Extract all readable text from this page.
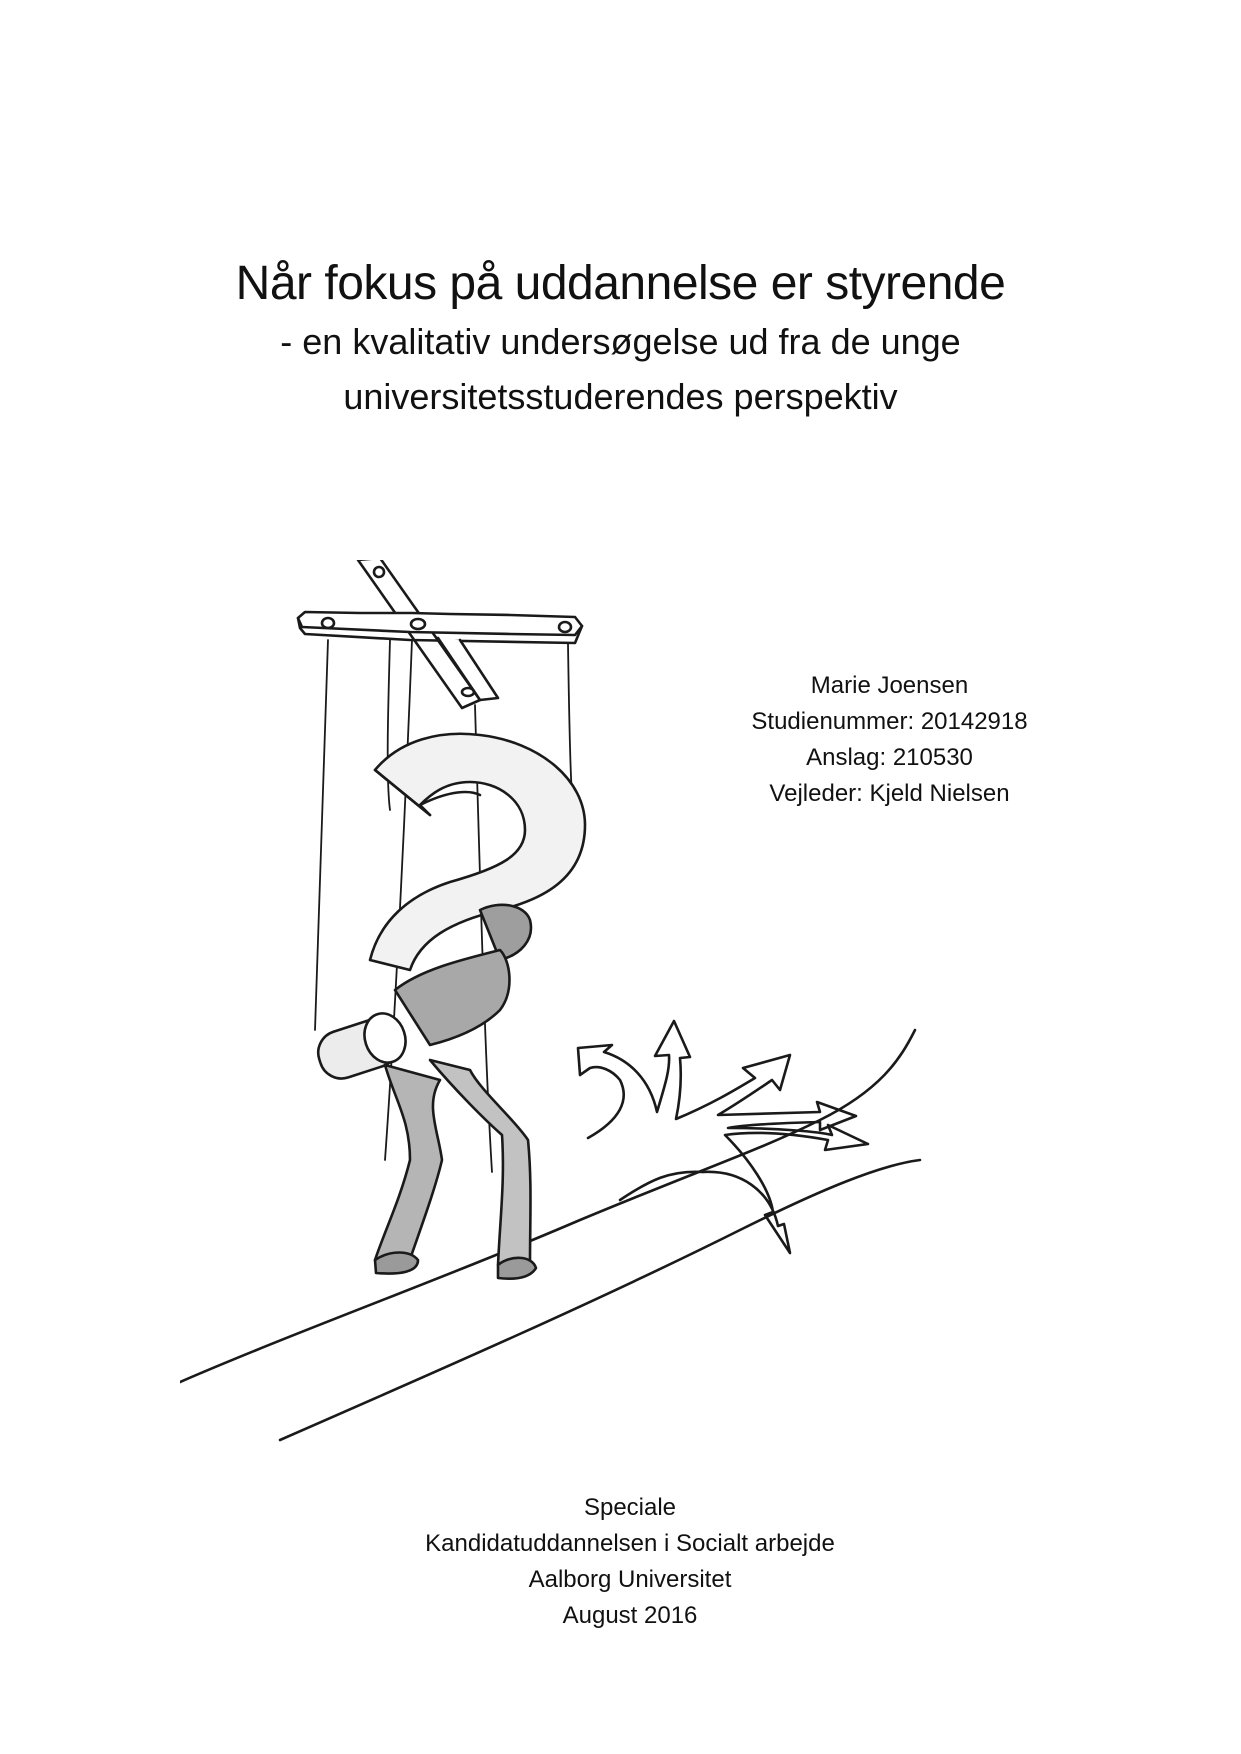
Når fokus på uddannelse er styrende

- en kvalitativ undersøgelse ud fra de unge

universitetsstuderendes perspektiv

Marie Joensen
Studienummer: 20142918
Anslag: 210530
Vejleder: Kjeld Nielsen
Speciale
Kandidatuddannelsen i Socialt arbejde
Aalborg Universitet
August 2016
